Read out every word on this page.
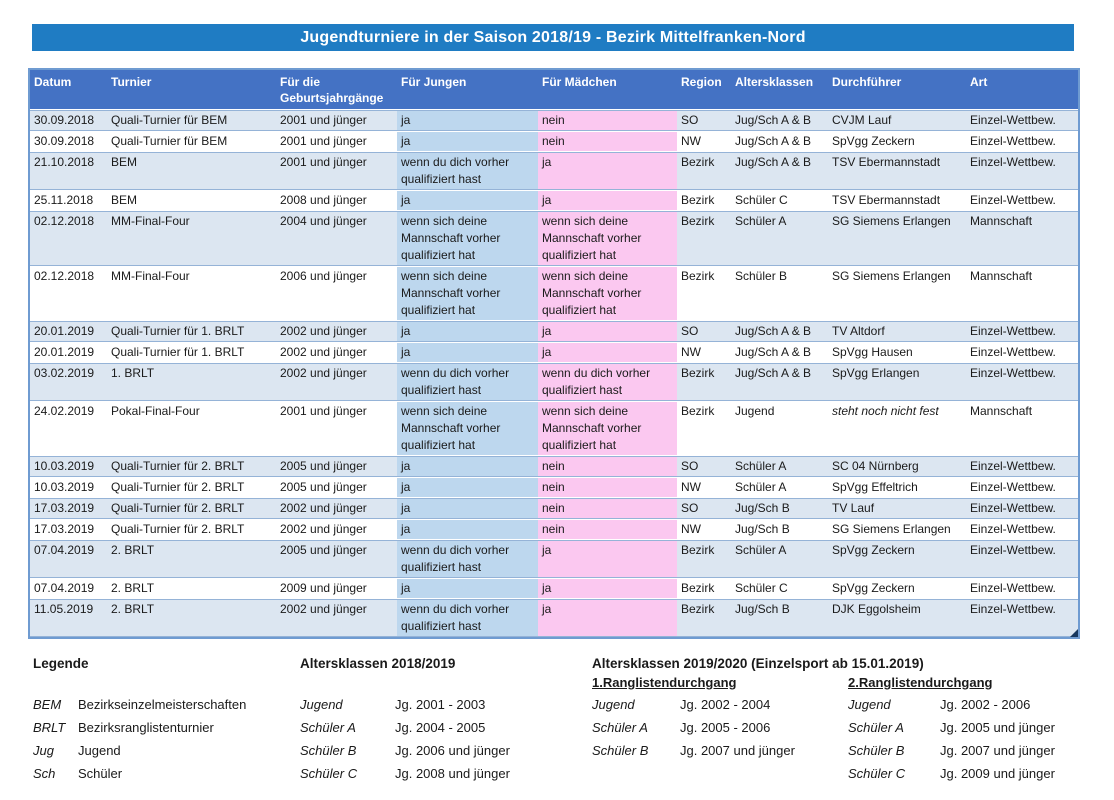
Jugendturniere in der Saison 2018/19 - Bezirk Mittelfranken-Nord
Datum	Turnier	Für die Geburtsjahrgänge	Für Jungen	Für Mädchen	Region	Altersklassen	Durchführer	Art
30.09.2018	Quali-Turnier für BEM	2001 und jünger	ja	nein	SO	Jug/Sch A & B	CVJM Lauf	Einzel-Wettbew.
30.09.2018	Quali-Turnier für BEM	2001 und jünger	ja	nein	NW	Jug/Sch A & B	SpVgg Zeckern	Einzel-Wettbew.
21.10.2018	BEM	2001 und jünger	wenn du dich vorher qualifiziert hast	ja	Bezirk	Jug/Sch A & B	TSV Ebermannstadt	Einzel-Wettbew.
25.11.2018	BEM	2008 und jünger	ja	ja	Bezirk	Schüler C	TSV Ebermannstadt	Einzel-Wettbew.
02.12.2018	MM-Final-Four	2004 und jünger	wenn sich deine Mannschaft vorher qualifiziert hat	wenn sich deine Mannschaft vorher qualifiziert hat	Bezirk	Schüler A	SG Siemens Erlangen	Mannschaft
02.12.2018	MM-Final-Four	2006 und jünger	wenn sich deine Mannschaft vorher qualifiziert hat	wenn sich deine Mannschaft vorher qualifiziert hat	Bezirk	Schüler B	SG Siemens Erlangen	Mannschaft
20.01.2019	Quali-Turnier für 1. BRLT	2002 und jünger	ja	ja	SO	Jug/Sch A & B	TV Altdorf	Einzel-Wettbew.
20.01.2019	Quali-Turnier für 1. BRLT	2002 und jünger	ja	ja	NW	Jug/Sch A & B	SpVgg Hausen	Einzel-Wettbew.
03.02.2019	1. BRLT	2002 und jünger	wenn du dich vorher qualifiziert hast	wenn du dich vorher qualifiziert hast	Bezirk	Jug/Sch A & B	SpVgg Erlangen	Einzel-Wettbew.
24.02.2019	Pokal-Final-Four	2001 und jünger	wenn sich deine Mannschaft vorher qualifiziert hat	wenn sich deine Mannschaft vorher qualifiziert hat	Bezirk	Jugend	steht noch nicht fest	Mannschaft
10.03.2019	Quali-Turnier für 2. BRLT	2005 und jünger	ja	nein	SO	Schüler A	SC 04 Nürnberg	Einzel-Wettbew.
10.03.2019	Quali-Turnier für 2. BRLT	2005 und jünger	ja	nein	NW	Schüler A	SpVgg Effeltrich	Einzel-Wettbew.
17.03.2019	Quali-Turnier für 2. BRLT	2002 und jünger	ja	nein	SO	Jug/Sch B	TV Lauf	Einzel-Wettbew.
17.03.2019	Quali-Turnier für 2. BRLT	2002 und jünger	ja	nein	NW	Jug/Sch B	SG Siemens Erlangen	Einzel-Wettbew.
07.04.2019	2. BRLT	2005 und jünger	wenn du dich vorher qualifiziert hast	ja	Bezirk	Schüler A	SpVgg Zeckern	Einzel-Wettbew.
07.04.2019	2. BRLT	2009 und jünger	ja	ja	Bezirk	Schüler C	SpVgg Zeckern	Einzel-Wettbew.
11.05.2019	2. BRLT	2002 und jünger	wenn du dich vorher qualifiziert hast	ja	Bezirk	Jug/Sch B	DJK Eggolsheim	Einzel-Wettbew.
Legende
BEM Bezirkseinzelmeisterschaften
BRLT Bezirksranglistenturnier
Jug Jugend
Sch Schüler
Altersklassen 2018/2019
Jugend	Jg. 2001 - 2003
Schüler A	Jg. 2004 - 2005
Schüler B	Jg. 2006 und jünger
Schüler C	Jg. 2008 und jünger
Altersklassen 2019/2020 (Einzelsport ab 15.01.2019)
1.Ranglistendurchgang
Jugend	Jg. 2002 - 2004
Schüler A Jg. 2005 - 2006
Schüler B Jg. 2007 und jünger
2.Ranglistendurchgang
Jugend	Jg. 2002 - 2006
Schüler A	Jg. 2005 und jünger
Schüler B	Jg. 2007 und jünger
Schüler C	Jg. 2009 und jünger
